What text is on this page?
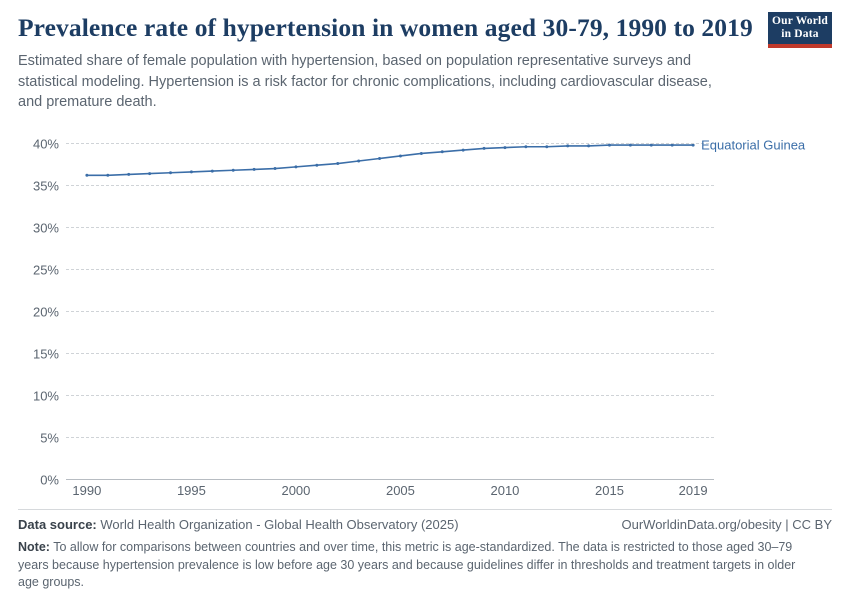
Prevalence rate of hypertension in women aged 30-79, 1990 to 2019

Estimated share of female population with hypertension, based on population representative surveys and statistical modeling. Hypertension is a risk factor for chronic complications, including cardiovascular disease, and premature death.

Our World
in Data
0%
5%
10%
15%
20%
25%
30%
35%
40%	Equatorial Guinea
1990	1995	2000	2005	2010	2015	2019
Data source: World Health Organization - Global Health Observatory (2025)	OurWorldinData.org/obesity | CC BY
Note: To allow for comparisons between countries and over time, this metric is age-standardized. The data is restricted to those aged 30–79 years because hypertension prevalence is low before age 30 years and because guidelines differ in thresholds and treatment targets in older age groups.
